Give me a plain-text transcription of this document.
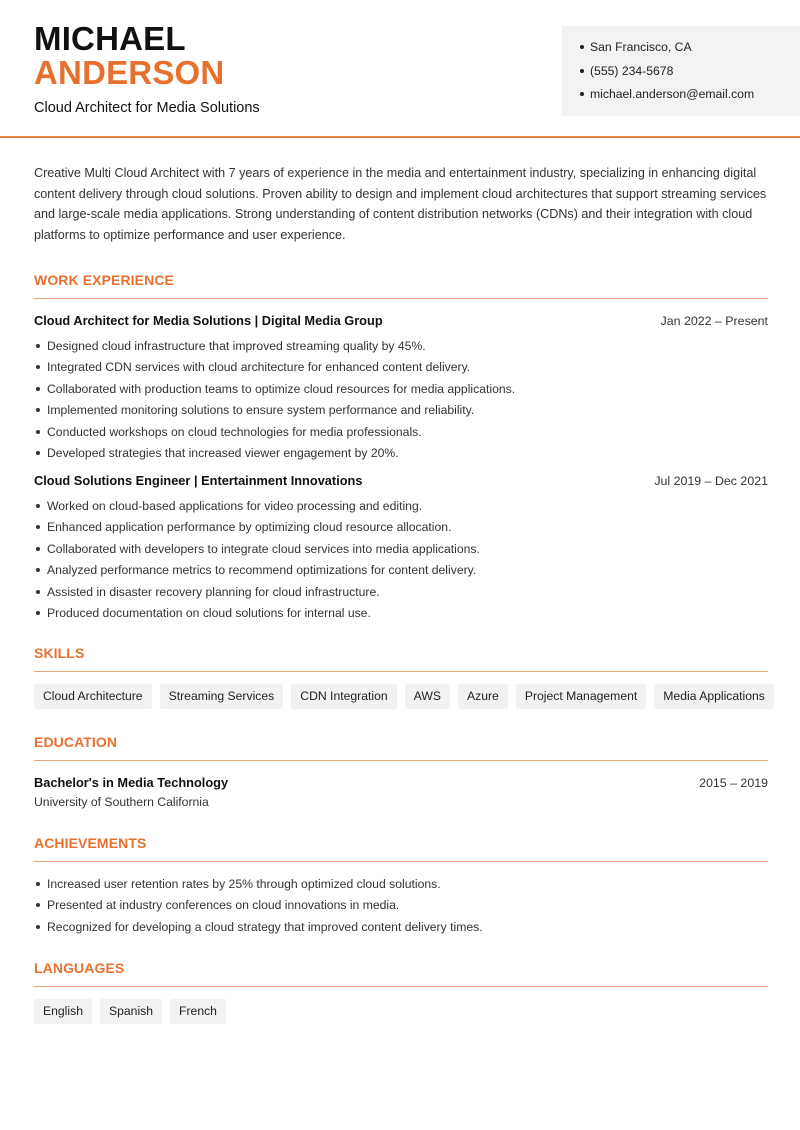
MICHAEL
ANDERSON
Cloud Architect for Media Solutions
San Francisco, CA
(555) 234-5678
michael.anderson@email.com

Creative Multi Cloud Architect with 7 years of experience in the media and entertainment industry, specializing in enhancing digital content delivery through cloud solutions. Proven ability to design and implement cloud architectures that support streaming services and large-scale media applications. Strong understanding of content distribution networks (CDNs) and their integration with cloud platforms to optimize performance and user experience.

WORK EXPERIENCE
Cloud Architect for Media Solutions | Digital Media Group	Jan 2022 – Present
Designed cloud infrastructure that improved streaming quality by 45%.
Integrated CDN services with cloud architecture for enhanced content delivery.
Collaborated with production teams to optimize cloud resources for media applications.
Implemented monitoring solutions to ensure system performance and reliability.
Conducted workshops on cloud technologies for media professionals.
Developed strategies that increased viewer engagement by 20%.
Cloud Solutions Engineer | Entertainment Innovations	Jul 2019 – Dec 2021
Worked on cloud-based applications for video processing and editing.
Enhanced application performance by optimizing cloud resource allocation.
Collaborated with developers to integrate cloud services into media applications.
Analyzed performance metrics to recommend optimizations for content delivery.
Assisted in disaster recovery planning for cloud infrastructure.
Produced documentation on cloud solutions for internal use.
SKILLS
Cloud Architecture	Streaming Services	CDN Integration	AWS	Azure	Project Management	Media Applications
EDUCATION
Bachelor's in Media Technology	2015 – 2019
University of Southern California
ACHIEVEMENTS
Increased user retention rates by 25% through optimized cloud solutions.
Presented at industry conferences on cloud innovations in media.
Recognized for developing a cloud strategy that improved content delivery times.
LANGUAGES
English	Spanish	French
